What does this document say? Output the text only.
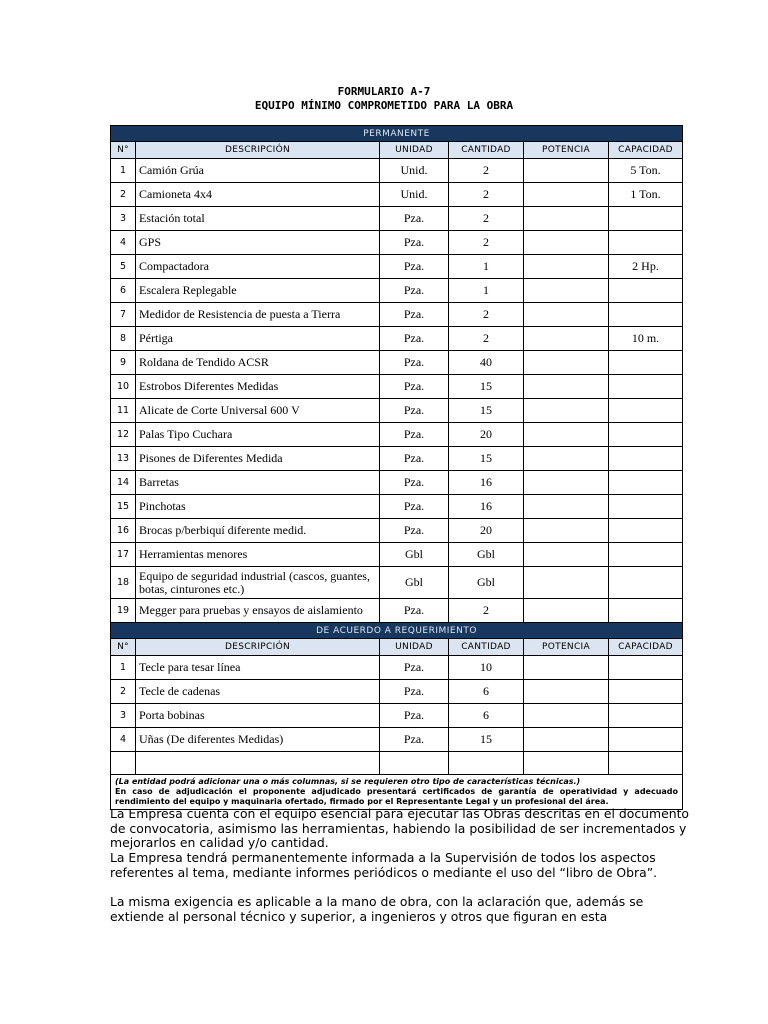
FORMULARIO A-7
EQUIPO MÍNIMO COMPROMETIDO PARA LA OBRA
PERMANENTE					
N°	DESCRIPCIÓN	UNIDAD	CANTIDAD	POTENCIA	CAPACIDAD
1	Camión Grúa	Unid.	2		5 Ton.
2	Camioneta 4x4	Unid.	2		1 Ton.
3	Estación total	Pza.	2		
4	GPS	Pza.	2		
5	Compactadora	Pza.	1		2 Hp.
6	Escalera Replegable	Pza.	1		
7	Medidor de Resistencia de puesta a Tierra	Pza.	2		
8	Pértiga	Pza.	2		10 m.
9	Roldana de Tendido ACSR	Pza.	40		
10	Estrobos Diferentes Medidas	Pza.	15		
11	Alicate de Corte Universal 600 V	Pza.	15		
12	Palas Tipo Cuchara	Pza.	20		
13	Pisones de Diferentes Medida	Pza.	15		
14	Barretas	Pza.	16		
15	Pinchotas	Pza.	16		
16	Brocas p/berbiquí diferente medid.	Pza.	20		
17	Herramientas menores	Gbl	Gbl		
18	Equipo de seguridad industrial (cascos, guantes, botas, cinturones etc.)	Gbl	Gbl		
19	Megger para pruebas y ensayos de aislamiento	Pza.	2		
DE ACUERDO A REQUERIMIENTO					
N°	DESCRIPCIÓN	UNIDAD	CANTIDAD	POTENCIA	CAPACIDAD
1	Tecle para tesar línea	Pza.	10		
2	Tecle de cadenas	Pza.	6		
3	Porta bobinas	Pza.	6		
4	Uñas (De diferentes Medidas)	Pza.	15		

(La entidad podrá adicionar una o más columnas, si se requieren otro tipo de características técnicas.)
En caso de adjudicación el proponente adjudicado presentará certificados de garantía de operatividad y adecuado rendimiento del equipo y maquinaria ofertado, firmado por el Representante Legal y un profesional del área.					
La Empresa cuenta con el equipo esencial para ejecutar las Obras descritas en el documento de convocatoria, asimismo las herramientas, habiendo la posibilidad de ser incrementados y mejorarlos en calidad y/o cantidad.
La Empresa tendrá permanentemente informada a la Supervisión de todos los aspectos referentes al tema, mediante informes periódicos o mediante el uso del “libro de Obra”.
La misma exigencia es aplicable a la mano de obra, con la aclaración que, además se extiende al personal técnico y superior, a ingenieros y otros que figuran en esta
